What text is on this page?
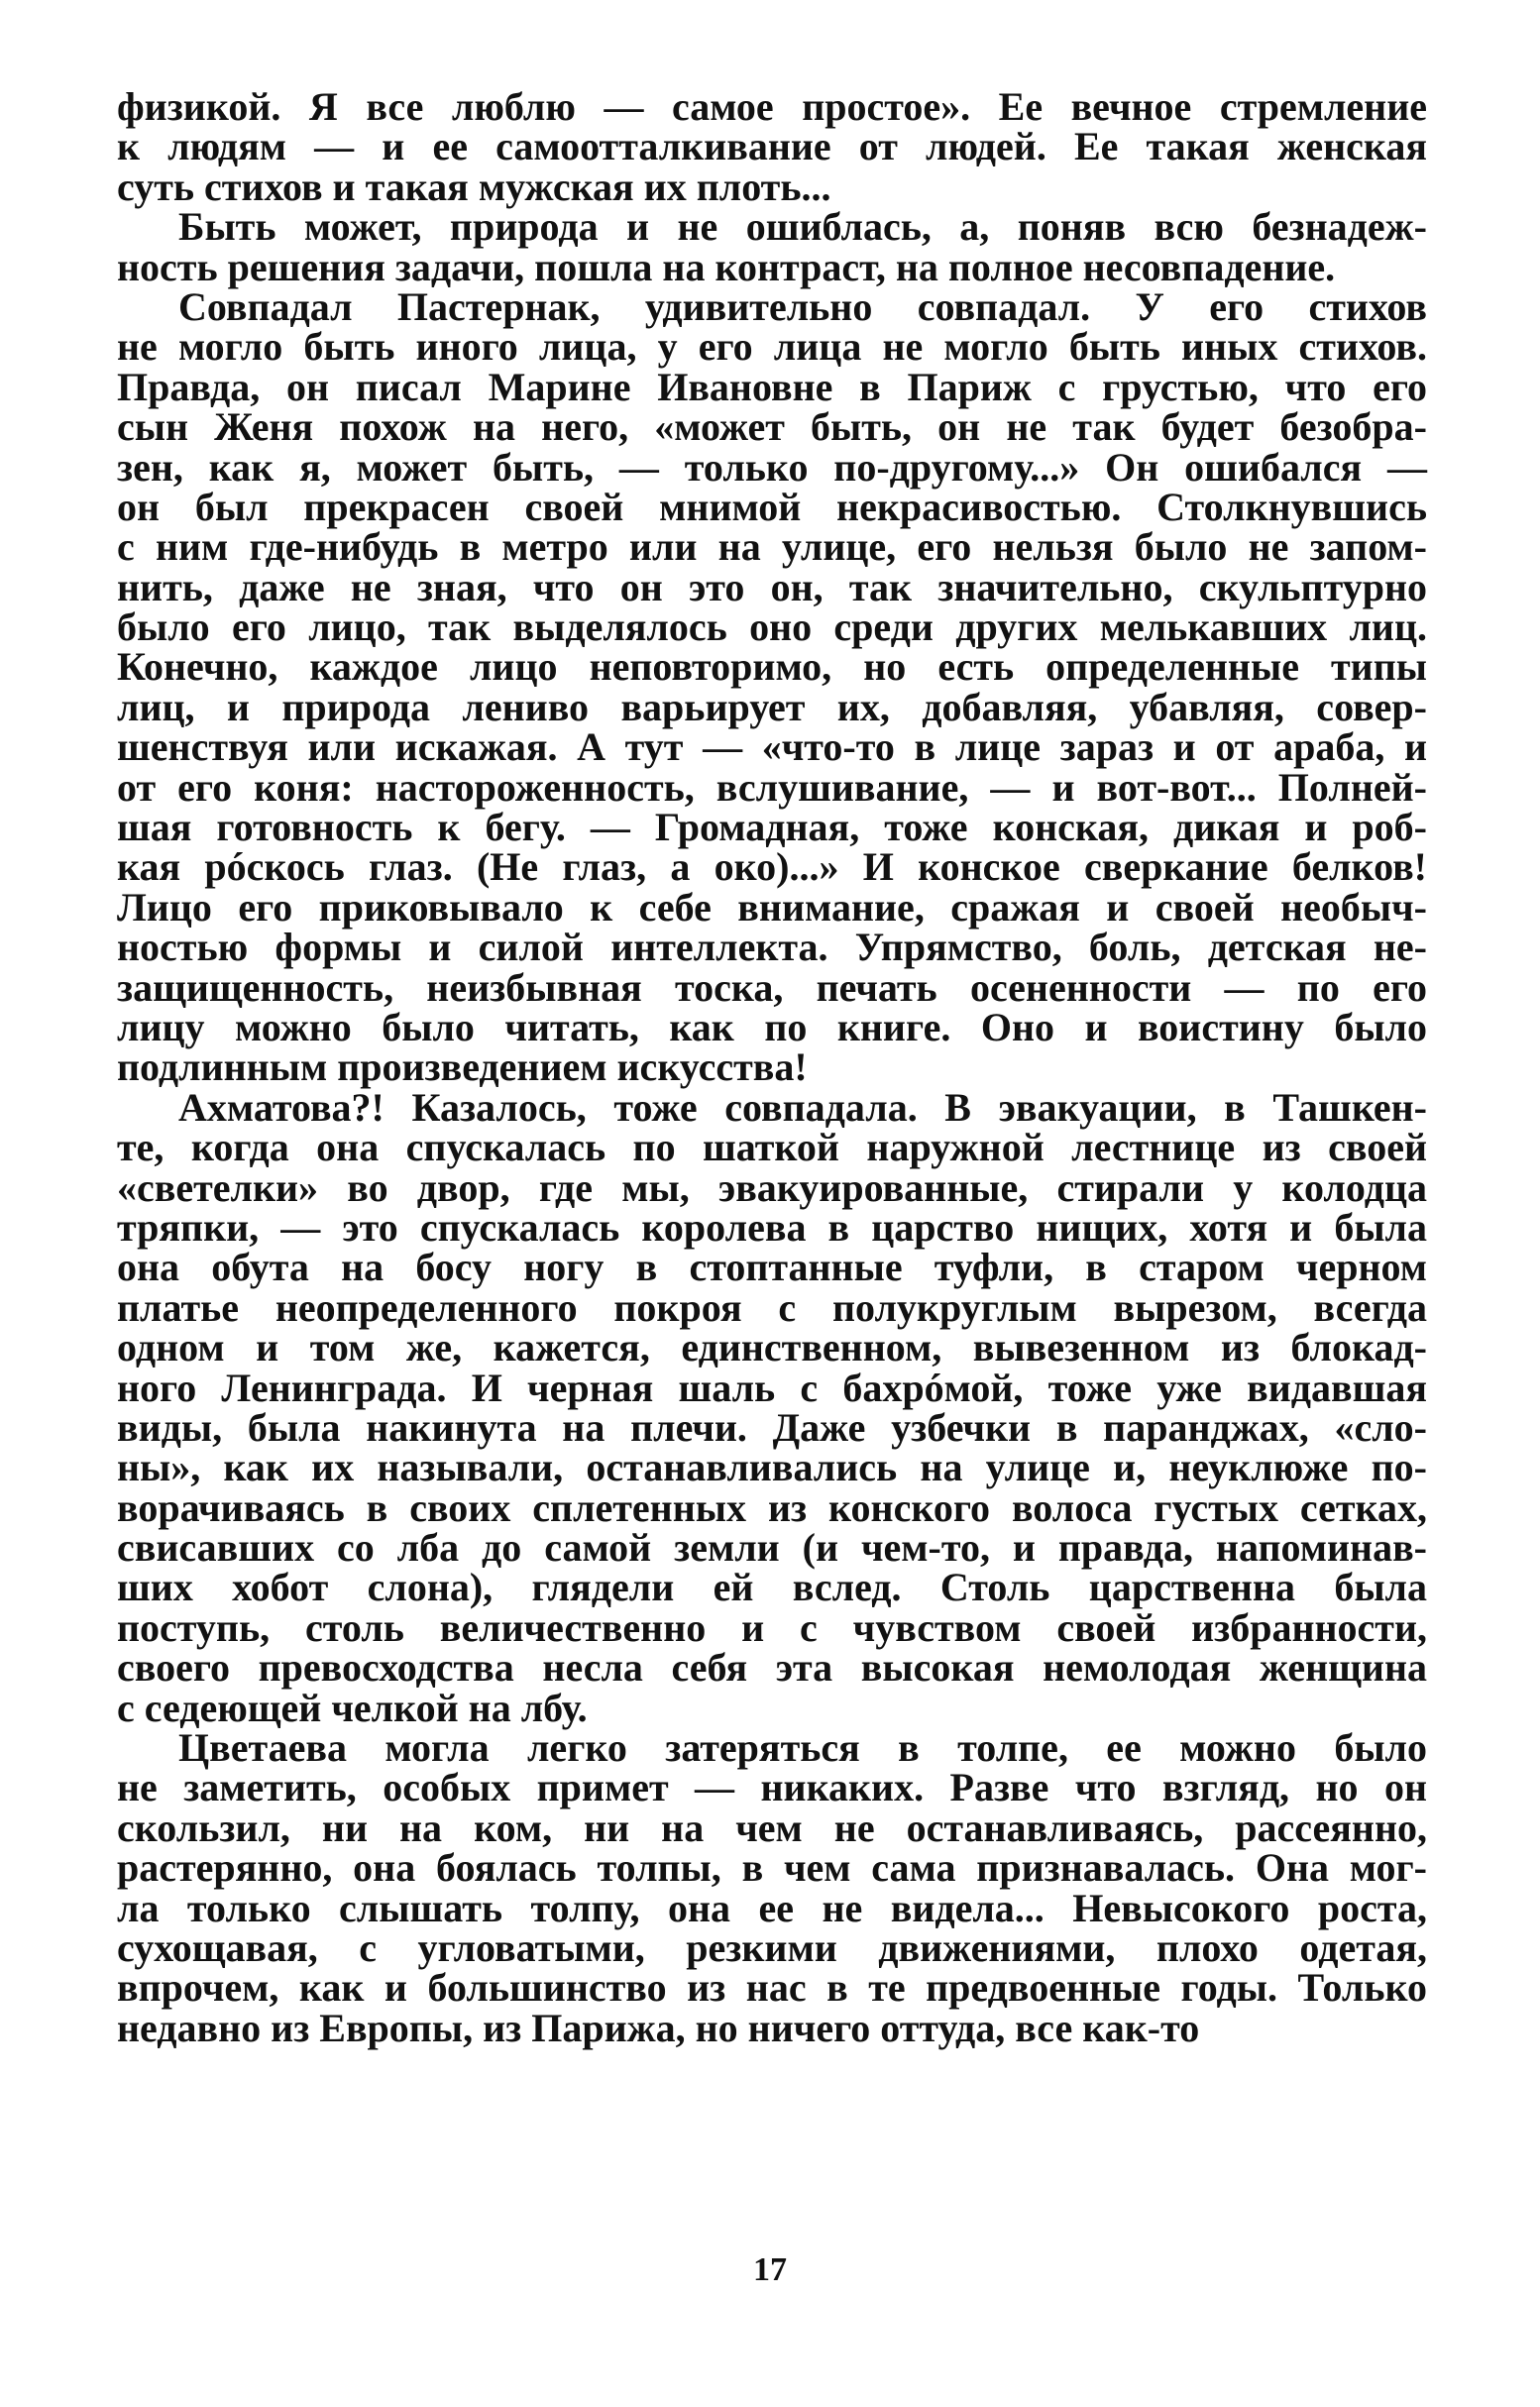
физикой. Я все люблю — самое простое». Ее вечное стремление
к людям — и ее самоотталкивание от людей. Ее такая женская
суть стихов и такая мужская их плоть...
Быть может, природа и не ошиблась, а, поняв всю безнадеж-
ность решения задачи, пошла на контраст, на полное несовпадение.
Совпадал Пастернак, удивительно совпадал. У его стихов
не могло быть иного лица, у его лица не могло быть иных стихов.
Правда, он писал Марине Ивановне в Париж с грустью, что его
сын Женя похож на него, «может быть, он не так будет безобра-
зен, как я, может быть, — только по-другому...» Он ошибался —
он был прекрасен своей мнимой некрасивостью. Столкнувшись
с ним где-нибудь в метро или на улице, его нельзя было не запом-
нить, даже не зная, что он это он, так значительно, скульптурно
было его лицо, так выделялось оно среди других мелькавших лиц.
Конечно, каждое лицо неповторимо, но есть определенные типы
лиц, и природа лениво варьирует их, добавляя, убавляя, совер-
шенствуя или искажая. А тут — «что-то в лице зараз и от араба, и
от его коня: настороженность, вслушивание, — и вот-вот... Полней-
шая готовность к бегу. — Громадная, тоже конская, дикая и роб-
кая рóскось глаз. (Не глаз, а око)...» И конское сверкание белков!
Лицо его приковывало к себе внимание, сражая и своей необыч-
ностью формы и силой интеллекта. Упрямство, боль, детская не-
защищенность, неизбывная тоска, печать осененности — по его
лицу можно было читать, как по книге. Оно и воистину было
подлинным произведением искусства!
Ахматова?! Казалось, тоже совпадала. В эвакуации, в Ташкен-
те, когда она спускалась по шаткой наружной лестнице из своей
«светелки» во двор, где мы, эвакуированные, стирали у колодца
тряпки, — это спускалась королева в царство нищих, хотя и была
она обута на босу ногу в стоптанные туфли, в старом черном
платье неопределенного покроя с полукруглым вырезом, всегда
одном и том же, кажется, единственном, вывезенном из блокад-
ного Ленинграда. И черная шаль с бахрóмой, тоже уже видавшая
виды, была накинута на плечи. Даже узбечки в паранджах, «сло-
ны», как их называли, останавливались на улице и, неуклюже по-
ворачиваясь в своих сплетенных из конского волоса густых сетках,
свисавших со лба до самой земли (и чем-то, и правда, напоминав-
ших хобот слона), глядели ей вслед. Столь царственна была
поступь, столь величественно и с чувством своей избранности,
своего превосходства несла себя эта высокая немолодая женщина
с седеющей челкой на лбу.
Цветаева могла легко затеряться в толпе, ее можно было
не заметить, особых примет — никаких. Разве что взгляд, но он
скользил, ни на ком, ни на чем не останавливаясь, рассеянно,
растерянно, она боялась толпы, в чем сама признавалась. Она мог-
ла только слышать толпу, она ее не видела... Невысокого роста,
сухощавая, с угловатыми, резкими движениями, плохо одетая,
впрочем, как и большинство из нас в те предвоенные годы. Только
недавно из Европы, из Парижа, но ничего оттуда, все как-то
17
